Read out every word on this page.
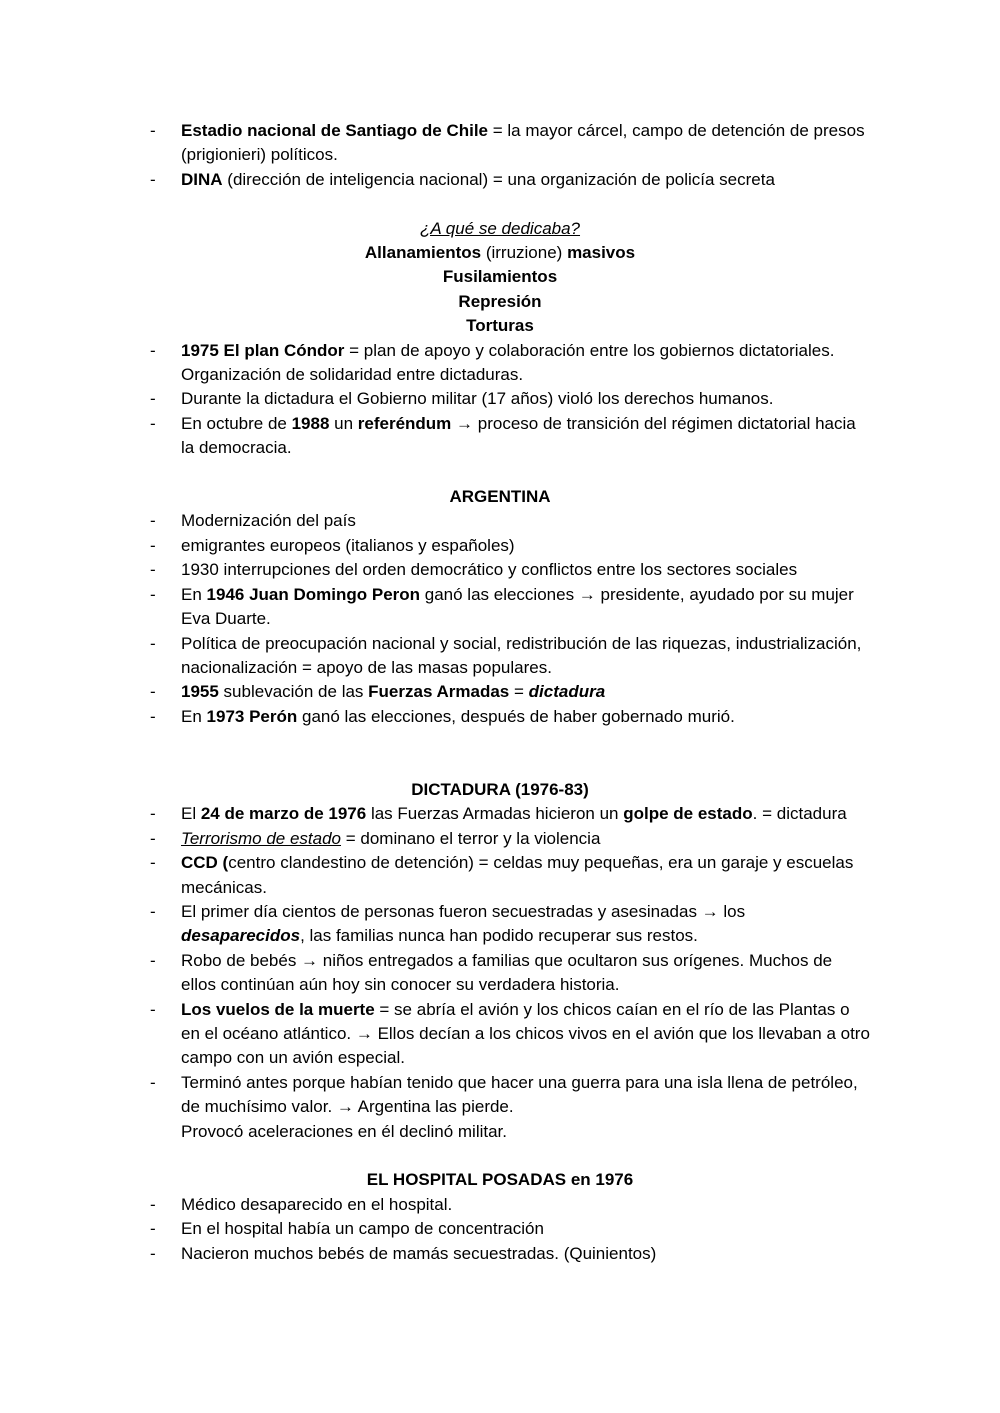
- Estadio nacional de Santiago de Chile = la mayor cárcel, campo de detención de presos (prigionieri) políticos.
- DINA (dirección de inteligencia nacional) = una organización de policía secreta
¿A qué se dedicaba?
Allanamientos (irruzione) masivos
Fusilamientos
Represión
Torturas
- 1975 El plan Cóndor = plan de apoyo y colaboración entre los gobiernos dictatoriales. Organización de solidaridad entre dictaduras.
- Durante la dictadura el Gobierno militar (17 años) violó los derechos humanos.
- En octubre de 1988 un referéndum → proceso de transición del régimen dictatorial hacia la democracia.
ARGENTINA
- Modernización del país
- emigrantes europeos (italianos y españoles)
- 1930 interrupciones del orden democrático y conflictos entre los sectores sociales
- En 1946 Juan Domingo Peron ganó las elecciones → presidente, ayudado por su mujer Eva Duarte.
- Política de preocupación nacional y social, redistribución de las riquezas, industrialización, nacionalización = apoyo de las masas populares.
- 1955 sublevación de las Fuerzas Armadas = dictadura
- En 1973 Perón ganó las elecciones, después de haber gobernado murió.
DICTADURA (1976-83)
- El 24 de marzo de 1976 las Fuerzas Armadas hicieron un golpe de estado. = dictadura
- Terrorismo de estado = dominano el terror y la violencia
- CCD (centro clandestino de detención) = celdas muy pequeñas, era un garaje y escuelas mecánicas.
- El primer día cientos de personas fueron secuestradas y asesinadas → los desaparecidos, las familias nunca han podido recuperar sus restos.
- Robo de bebés → niños entregados a familias que ocultaron sus orígenes. Muchos de ellos continúan aún hoy sin conocer su verdadera historia.
- Los vuelos de la muerte = se abría el avión y los chicos caían en el río de las Plantas o en el océano atlántico. → Ellos decían a los chicos vivos en el avión que los llevaban a otro campo con un avión especial.
- Terminó antes porque habían tenido que hacer una guerra para una isla llena de petróleo, de muchísimo valor. → Argentina las pierde.
Provocó aceleraciones en él declinó militar.
EL HOSPITAL POSADAS en 1976
- Médico desaparecido en el hospital.
- En el hospital había un campo de concentración
- Nacieron muchos bebés de mamás secuestradas. (Quinientos)
